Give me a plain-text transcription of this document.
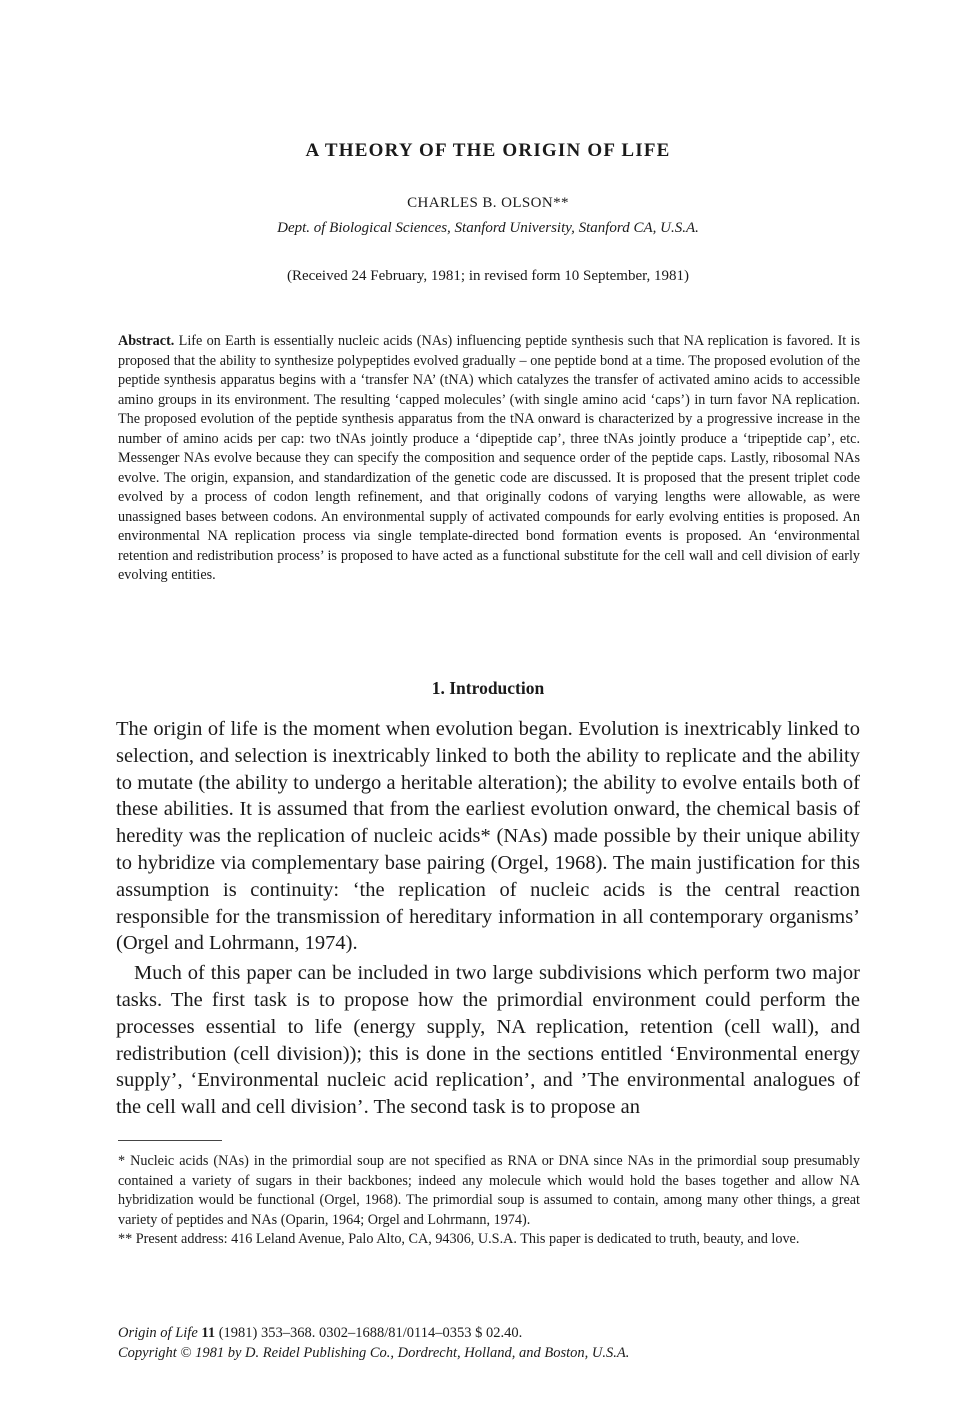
A THEORY OF THE ORIGIN OF LIFE
CHARLES B. OLSON**
Dept. of Biological Sciences, Stanford University, Stanford CA, U.S.A.
(Received 24 February, 1981; in revised form 10 September, 1981)

Abstract. Life on Earth is essentially nucleic acids (NAs) influencing peptide synthesis such that NA replication is favored. It is proposed that the ability to synthesize polypeptides evolved gradually – one peptide bond at a time. The proposed evolution of the peptide synthesis apparatus begins with a ‘transfer NA’ (tNA) which catalyzes the transfer of activated amino acids to accessible amino groups in its environment. The resulting ‘capped molecules’ (with single amino acid ‘caps’) in turn favor NA replication. The proposed evolution of the peptide synthesis apparatus from the tNA onward is characterized by a progressive increase in the number of amino acids per cap: two tNAs jointly produce a ‘dipeptide cap’, three tNAs jointly produce a ‘tripeptide cap’, etc. Messenger NAs evolve because they can specify the composition and sequence order of the peptide caps. Lastly, ribosomal NAs evolve. The origin, expansion, and standardization of the genetic code are discussed. It is proposed that the present triplet code evolved by a process of codon length refinement, and that originally codons of varying lengths were allowable, as were unassigned bases between codons. An environmental supply of activated compounds for early evolving entities is proposed. An environmental NA replication process via single template-directed bond formation events is proposed. An ‘environmental retention and redistribution process’ is proposed to have acted as a functional substitute for the cell wall and cell division of early evolving entities.

1. Introduction

The origin of life is the moment when evolution began. Evolution is inextricably linked to selection, and selection is inextricably linked to both the ability to replicate and the ability to mutate (the ability to undergo a heritable alteration); the ability to evolve entails both of these abilities. It is assumed that from the earliest evolution onward, the chemical basis of heredity was the replication of nucleic acids* (NAs) made possible by their unique ability to hybridize via complementary base pairing (Orgel, 1968). The main justification for this assumption is continuity: ‘the replication of nucleic acids is the central reaction responsible for the transmission of hereditary information in all contemporary organisms’ (Orgel and Lohrmann, 1974).

Much of this paper can be included in two large subdivisions which perform two major tasks. The first task is to propose how the primordial environment could perform the processes essential to life (energy supply, NA replication, retention (cell wall), and redistribution (cell division)); this is done in the sections entitled ‘Environmental energy supply’, ‘Environmental nucleic acid replication’, and ’The environmental analogues of the cell wall and cell division’. The second task is to propose an

* Nucleic acids (NAs) in the primordial soup are not specified as RNA or DNA since NAs in the primordial soup presumably contained a variety of sugars in their backbones; indeed any molecule which would hold the bases together and allow NA hybridization would be functional (Orgel, 1968). The primordial soup is assumed to contain, among many other things, a great variety of peptides and NAs (Oparin, 1964; Orgel and Lohrmann, 1974).

** Present address: 416 Leland Avenue, Palo Alto, CA, 94306, U.S.A. This paper is dedicated to truth, beauty, and love.

Origin of Life 11 (1981) 353–368. 0302–1688/81/0114–0353 $ 02.40.

Copyright © 1981 by D. Reidel Publishing Co., Dordrecht, Holland, and Boston, U.S.A.
